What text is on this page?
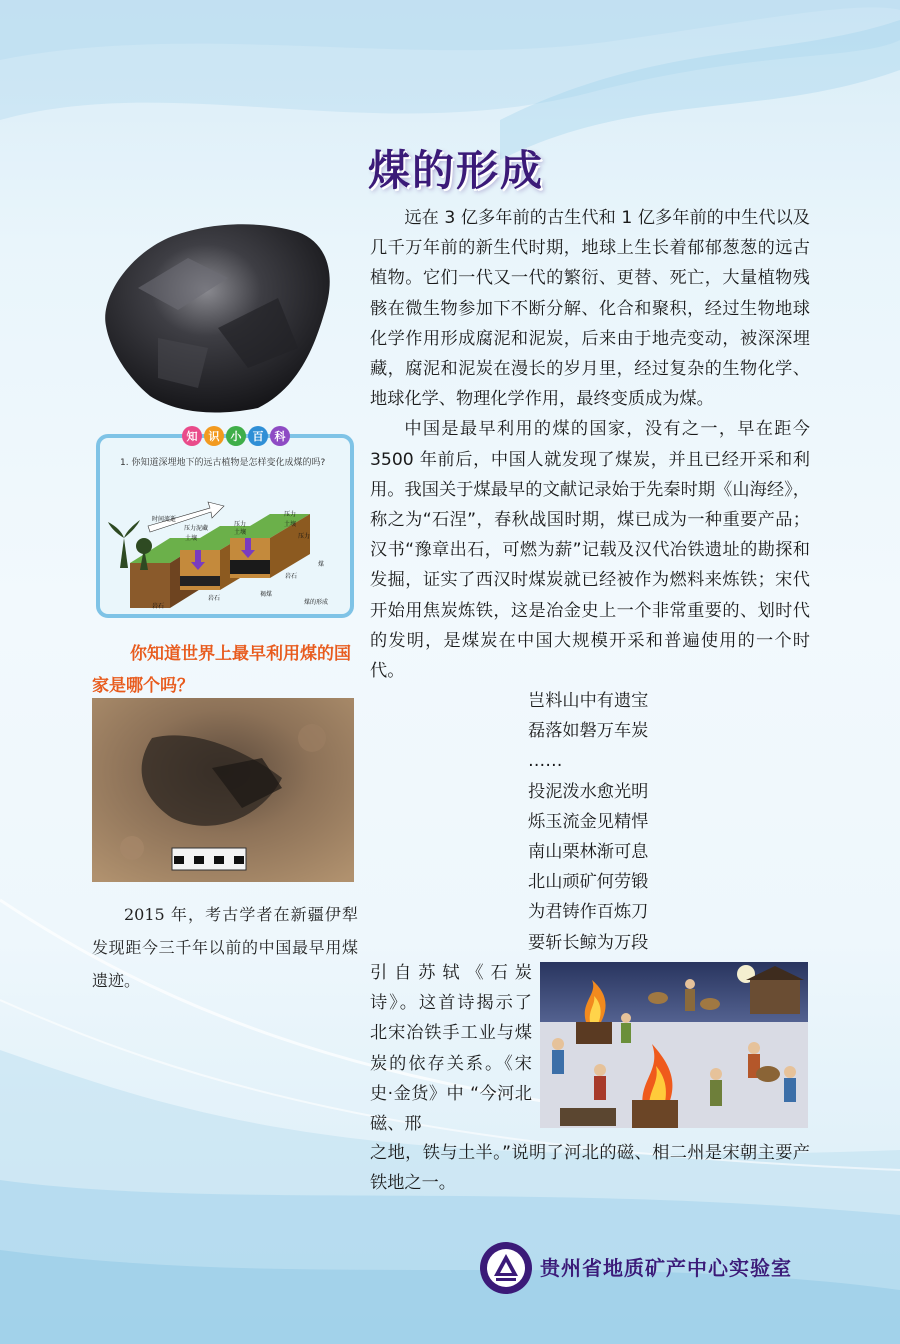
煤的形成

远在 3 亿多年前的古生代和 1 亿多年前的中生代以及几千万年前的新生代时期，地球上生长着郁郁葱葱的远古植物。它们一代又一代的繁衍、更替、死亡，大量植物残骸在微生物参加下不断分解、化合和聚积，经过生物地球化学作用形成腐泥和泥炭，后来由于地壳变动，被深深埋藏，腐泥和泥炭在漫长的岁月里，经过复杂的生物化学、地球化学、物理化学作用，最终变质成为煤。

中国是最早利用的煤的国家，没有之一，早在距今 3500 年前后，中国人就发现了煤炭，并且已经开采和利用。我国关于煤最早的文献记录始于先秦时期《山海经》，称之为“石涅”，春秋战国时期，煤已成为一种重要产品；汉书“豫章出石，可燃为薪”记载及汉代冶铁遗址的勘探和发掘，证实了西汉时煤炭就已经被作为燃料来炼铁；宋代开始用焦炭炼铁，这是冶金史上一个非常重要的、划时代的发明，是煤炭在中国大规模开采和普遍使用的一个时代。

岂料山中有遗宝
磊落如磐万车炭
……
投泥泼水愈光明
烁玉流金见精悍
南山栗林渐可息
北山顽矿何劳锻
为君铸作百炼刀
要斩长鲸为万段
引自苏轼《石炭诗》。这首诗揭示了北宋冶铁手工业与煤炭的依存关系。《宋史·金货》中 “今河北磁、邢
之地，铁与土半。”说明了河北的磁、相二州是宋朝主要产铁地之一。
知	识	小	百	科
1. 你知道深埋地下的远古植物是怎样变化成煤的吗?
时间流逝
压力泥藏
土壤
压力
土壤
压力
土壤
压力
煤
褐煤
岩石
岩石
岩石
煤的形成
你知道世界上最早利用煤的国家是哪个吗？
2015 年，考古学者在新疆伊犁发现距今三千年以前的中国最早用煤遗迹。
贵州省地质矿产中心实验室
